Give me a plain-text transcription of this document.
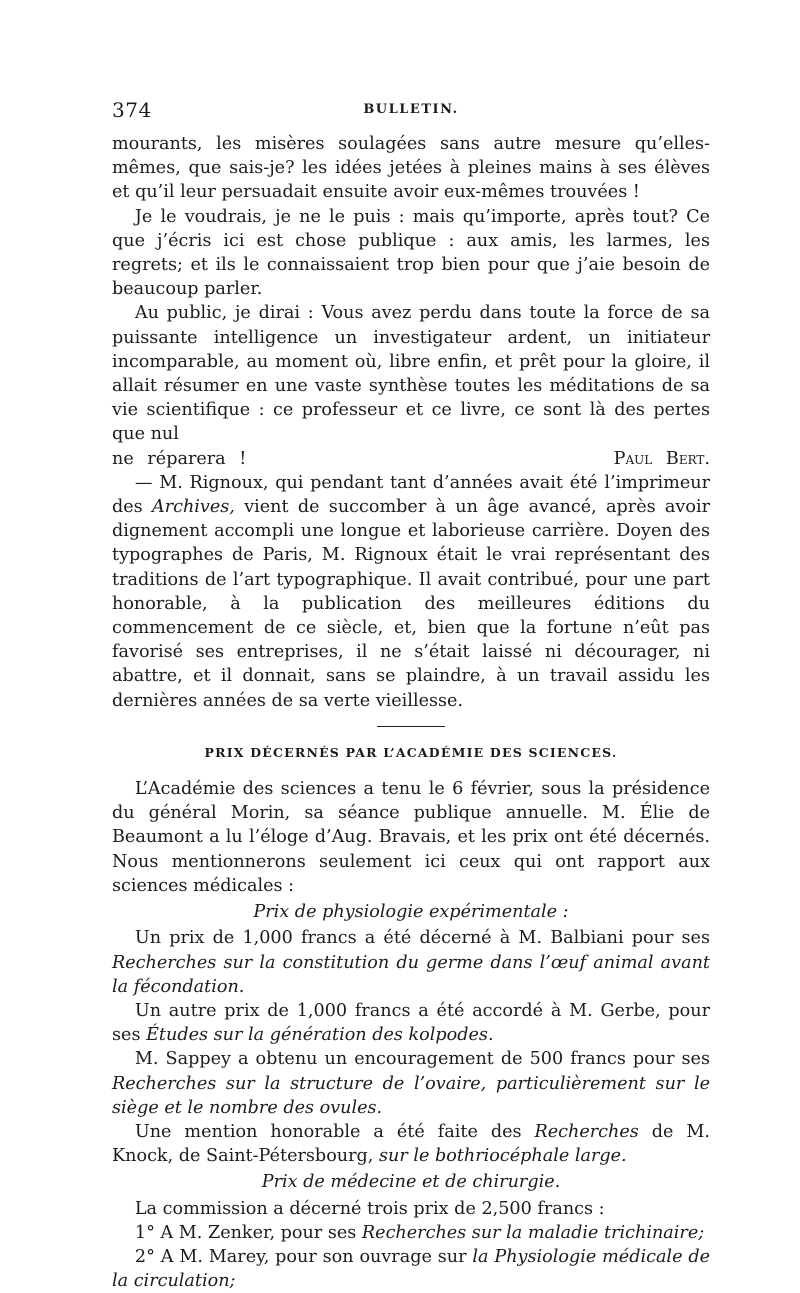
374	BULLETIN.

mourants, les misères soulagées sans autre mesure qu’elles-mêmes, que sais-je? les idées jetées à pleines mains à ses élèves et qu’il leur persuadait ensuite avoir eux-mêmes trouvées !

Je le voudrais, je ne le puis : mais qu’importe, après tout? Ce que j’écris ici est chose publique : aux amis, les larmes, les regrets; et ils le connaissaient trop bien pour que j’aie besoin de beaucoup parler.

Au public, je dirai : Vous avez perdu dans toute la force de sa puissante intelligence un investigateur ardent, un initiateur incomparable, au moment où, libre enfin, et prêt pour la gloire, il allait résumer en une vaste synthèse toutes les méditations de sa vie scientifique : ce professeur et ce livre, ce sont là des pertes que nul

ne réparera !	Paul Bert.

— M. Rignoux, qui pendant tant d’années avait été l’imprimeur des Archives, vient de succomber à un âge avancé, après avoir dignement accompli une longue et laborieuse carrière. Doyen des typographes de Paris, M. Rignoux était le vrai représentant des traditions de l’art typographique. Il avait contribué, pour une part honorable, à la publication des meilleures éditions du commencement de ce siècle, et, bien que la fortune n’eût pas favorisé ses entreprises, il ne s’était laissé ni décourager, ni abattre, et il donnait, sans se plaindre, à un travail assidu les dernières années de sa verte vieillesse.

PRIX DÉCERNÉS PAR L’ACADÉMIE DES SCIENCES.

L’Académie des sciences a tenu le 6 février, sous la présidence du général Morin, sa séance publique annuelle. M. Élie de Beaumont a lu l’éloge d’Aug. Bravais, et les prix ont été décernés. Nous mentionnerons seulement ici ceux qui ont rapport aux sciences médicales :

Prix de physiologie expérimentale :

Un prix de 1,000 francs a été décerné à M. Balbiani pour ses Recherches sur la constitution du germe dans l’œuf animal avant la fécondation.

Un autre prix de 1,000 francs a été accordé à M. Gerbe, pour ses Études sur la génération des kolpodes.

M. Sappey a obtenu un encouragement de 500 francs pour ses Recherches sur la structure de l’ovaire, particulièrement sur le siège et le nombre des ovules.

Une mention honorable a été faite des Recherches de M. Knock, de Saint-Pétersbourg, sur le bothriocéphale large.

Prix de médecine et de chirurgie.

La commission a décerné trois prix de 2,500 francs :

1° A M. Zenker, pour ses Recherches sur la maladie trichinaire;

2° A M. Marey, pour son ouvrage sur la Physiologie médicale de la circulation;
